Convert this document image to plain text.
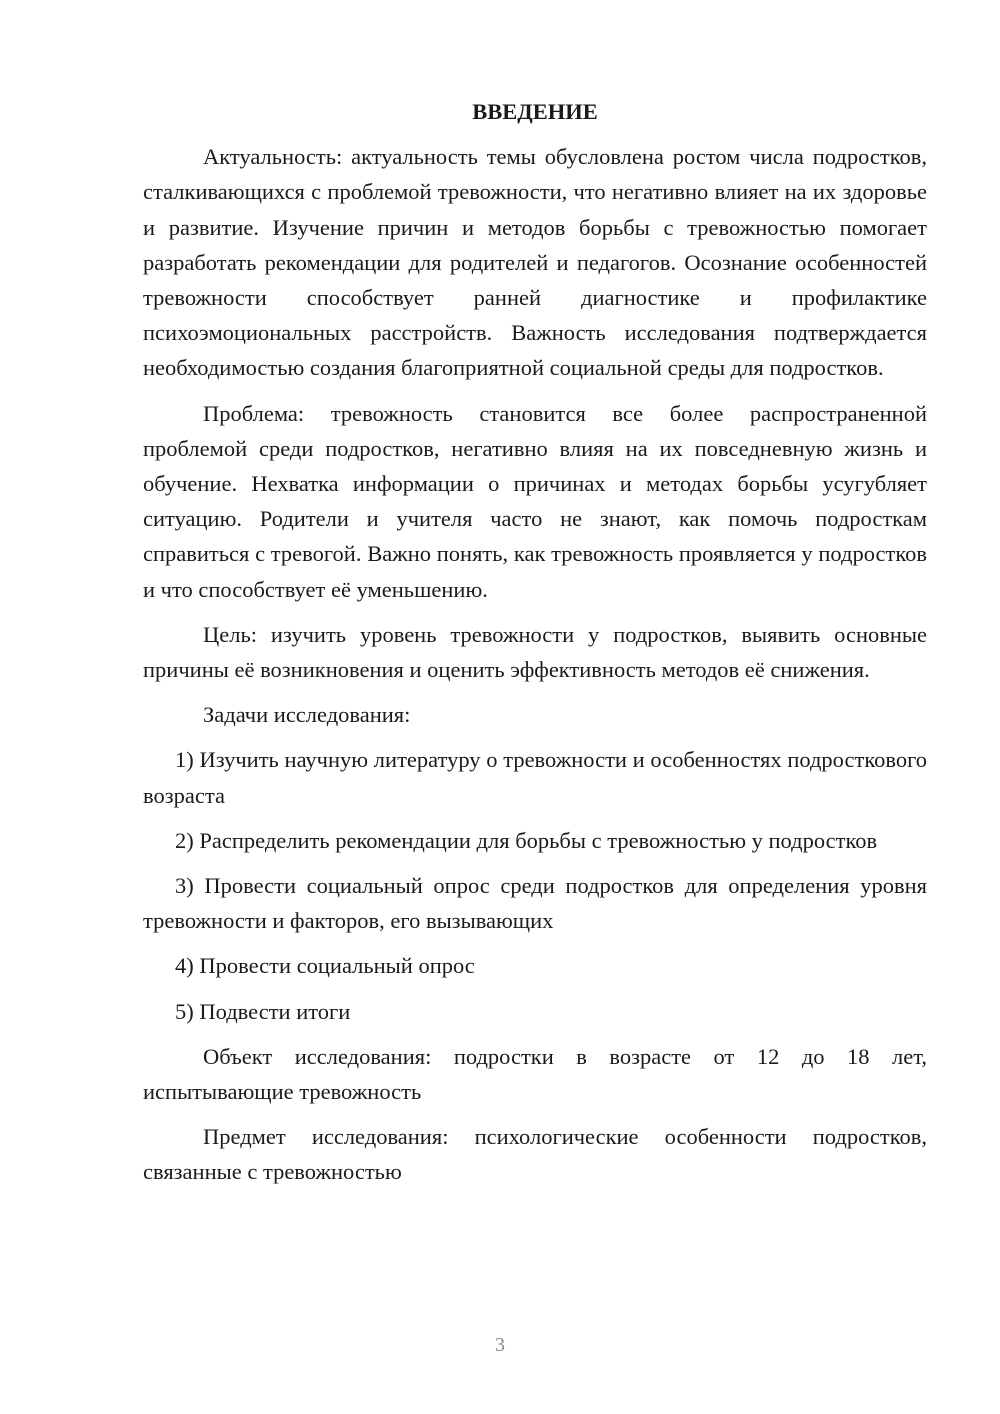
ВВЕДЕНИЕ

Актуальность: актуальность темы обусловлена ростом числа подростков, сталкивающихся с проблемой тревожности, что негативно влияет на их здоровье и развитие. Изучение причин и методов борьбы с тревожностью помогает разработать рекомендации для родителей и педагогов. Осознание особенностей тревожности способствует ранней диагностике и профилактике психоэмоциональных расстройств. Важность исследования подтверждается необходимостью создания благоприятной социальной среды для подростков.

Проблема: тревожность становится все более распространенной проблемой среди подростков, негативно влияя на их повседневную жизнь и обучение. Нехватка информации о причинах и методах борьбы усугубляет ситуацию. Родители и учителя часто не знают, как помочь подросткам справиться с тревогой. Важно понять, как тревожность проявляется у подростков и что способствует её уменьшению.

Цель: изучить уровень тревожности у подростков, выявить основные причины её возникновения и оценить эффективность методов её снижения.

Задачи исследования:

1) Изучить научную литературу о тревожности и особенностях подросткового возраста

2) Распределить рекомендации для борьбы с тревожностью у подростков

3) Провести социальный опрос среди подростков для определения уровня тревожности и факторов, его вызывающих

4) Провести социальный опрос

5) Подвести итоги

Объект исследования: подростки в возрасте от 12 до 18 лет, испытывающие тревожность

Предмет исследования: психологические особенности подростков, связанные с тревожностью

3
